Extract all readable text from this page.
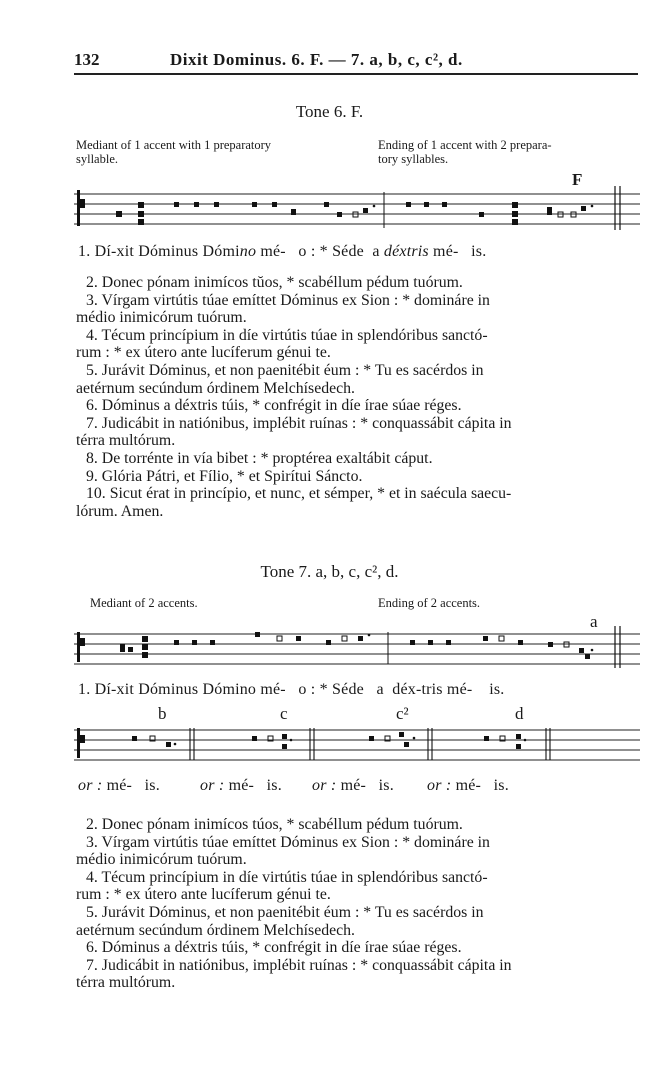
132	Dixit Dominus. 6. F. — 7. a, b, c, c², d.
Tone 6. F.
Mediant of 1 accent with 1 preparatory
syllable.
Ending of 1 accent with 2 prepara-
tory syllables.
F
1. Dí-xit Dóminus Dómino mé-   o : * Séde  a déxtris mé-   is.
2. Donec pónam inimícos tŭos, * scabéllum pédum tuórum.
3. Vírgam virtútis túae emíttet Dóminus ex Sion : * domináre in
médio inimicórum tuórum.
4. Técum princípium in díe virtútis túae in splendóribus sanctó-
rum : * ex útero ante lucíferum génui te.
5. Jurávit Dóminus, et non paenitébit éum : * Tu es sacérdos in
aetérnum secúndum órdinem Melchísedech.
6. Dóminus a déxtris túis, * confrégit in díe írae súae réges.
7. Judicábit in natiónibus, implébit ruínas : * conquassábit cápita in
térra multórum.
8. De torrénte in vía bibet : * proptérea exaltábit cáput.
9. Glória Pátri, et Fílio, * et Spirítui Sáncto.
10. Sicut érat in princípio, et nunc, et sémper, * et in saécula saecu-
lórum. Amen.
Tone 7. a, b, c, c², d.
Mediant of 2 accents.	Ending of 2 accents.
a
1. Dí-xit Dóminus Dómino mé-   o : * Séde   a  déx-tris mé-    is.
b	c	c²	d
or : mé-   is.	or : mé-   is. or : mé-   is. or : mé-   is.
2. Donec pónam inimícos túos, * scabéllum pédum tuórum.
3. Vírgam virtútis túae emíttet Dóminus ex Sion : * domináre in
médio inimicórum tuórum.
4. Técum princípium in díe virtútis túae in splendóribus sanctó-
rum : * ex útero ante lucíferum génui te.
5. Jurávit Dóminus, et non paenitébit éum : * Tu es sacérdos in
aetérnum secúndum órdinem Melchísedech.
6. Dóminus a déxtris túis, * confrégit in díe írae súae réges.
7. Judicábit in natiónibus, implébit ruínas : * conquassábit cápita in
térra multórum.
